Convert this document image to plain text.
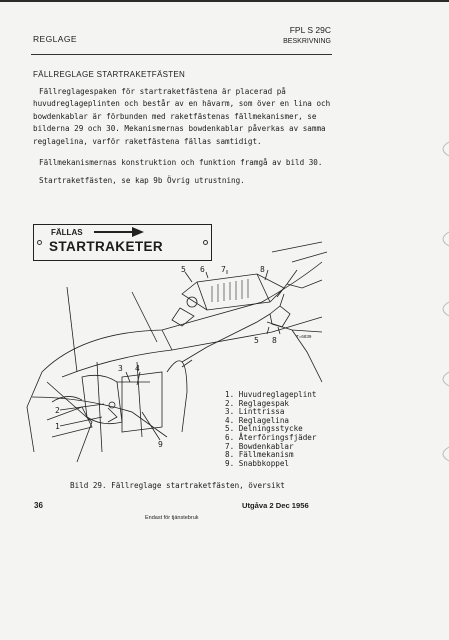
REGLAGE
FPL S 29C
BESKRIVNING
FÄLLREGLAGE STARTRAKETFÄSTEN
Fällreglagespaken för startraketfästena är placerad på huvudreglageplinten och består av en hävarm, som över en lina och bowdenkablar är förbunden med raketfästenas fällmekanismer, se bilderna 29 och 30. Mekanismernas bowdenkablar påverkas av samma reglagelina, varför raketfästena fällas samtidigt.
Fällmekanismernas konstruktion och funktion framgå av bild 30.
Startraketfästen, se kap 9b Övrig utrustning.
FÄLLAS
STARTRAKETER
5 6 7	8
5 8
3 4
2
1
9
T=6839
1. Huvudreglageplint
2. Reglagespak
3. Linttrissa
4. Reglagelina
5. Delningsstycke
6. Återföringsfjäder
7. Bowdenkablar
8. Fällmekanism
9. Snabbkoppel
Bild 29. Fällreglage startraketfästen, översikt
36	Utgåva 2 Dec 1956
Endast för tjänstebruk
